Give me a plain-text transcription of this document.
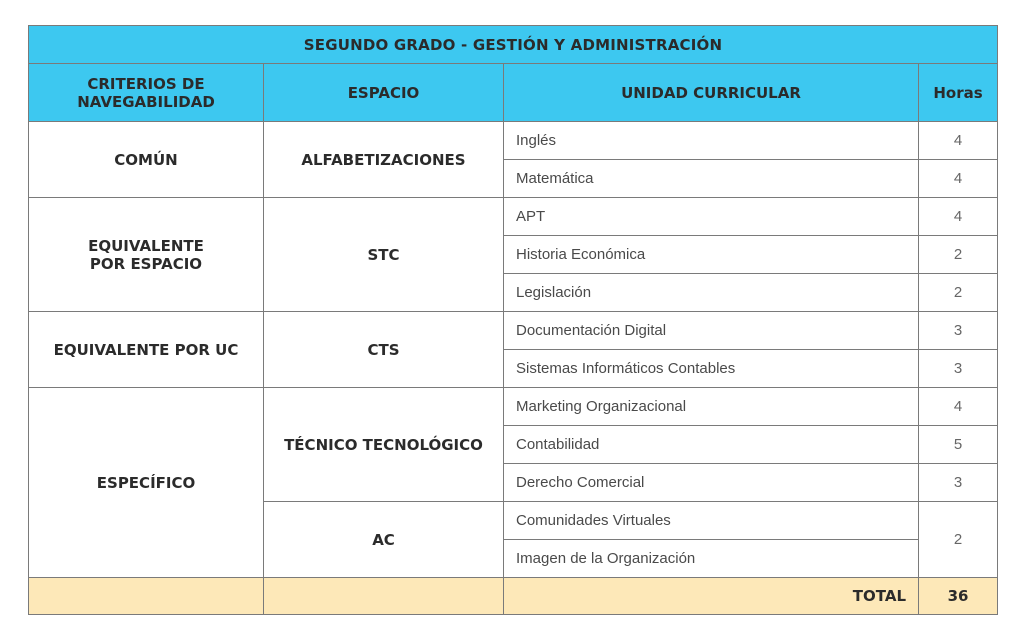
SEGUNDO GRADO - GESTIÓN Y ADMINISTRACIÓN			
CRITERIOS DE
NAVEGABILIDAD	ESPACIO	UNIDAD CURRICULAR	Horas
COMÚN	ALFABETIZACIONES	Inglés	4
		Matemática	4
EQUIVALENTE
POR ESPACIO	STC	APT	4
		Historia Económica	2
		Legislación	2
EQUIVALENTE POR UC	CTS	Documentación Digital	3
		Sistemas Informáticos Contables	3
ESPECÍFICO	TÉCNICO TECNOLÓGICO	Marketing Organizacional	4
		Contabilidad	5
		Derecho Comercial	3
	AC	Comunidades Virtuales	2
		Imagen de la Organización	
		TOTAL	36
